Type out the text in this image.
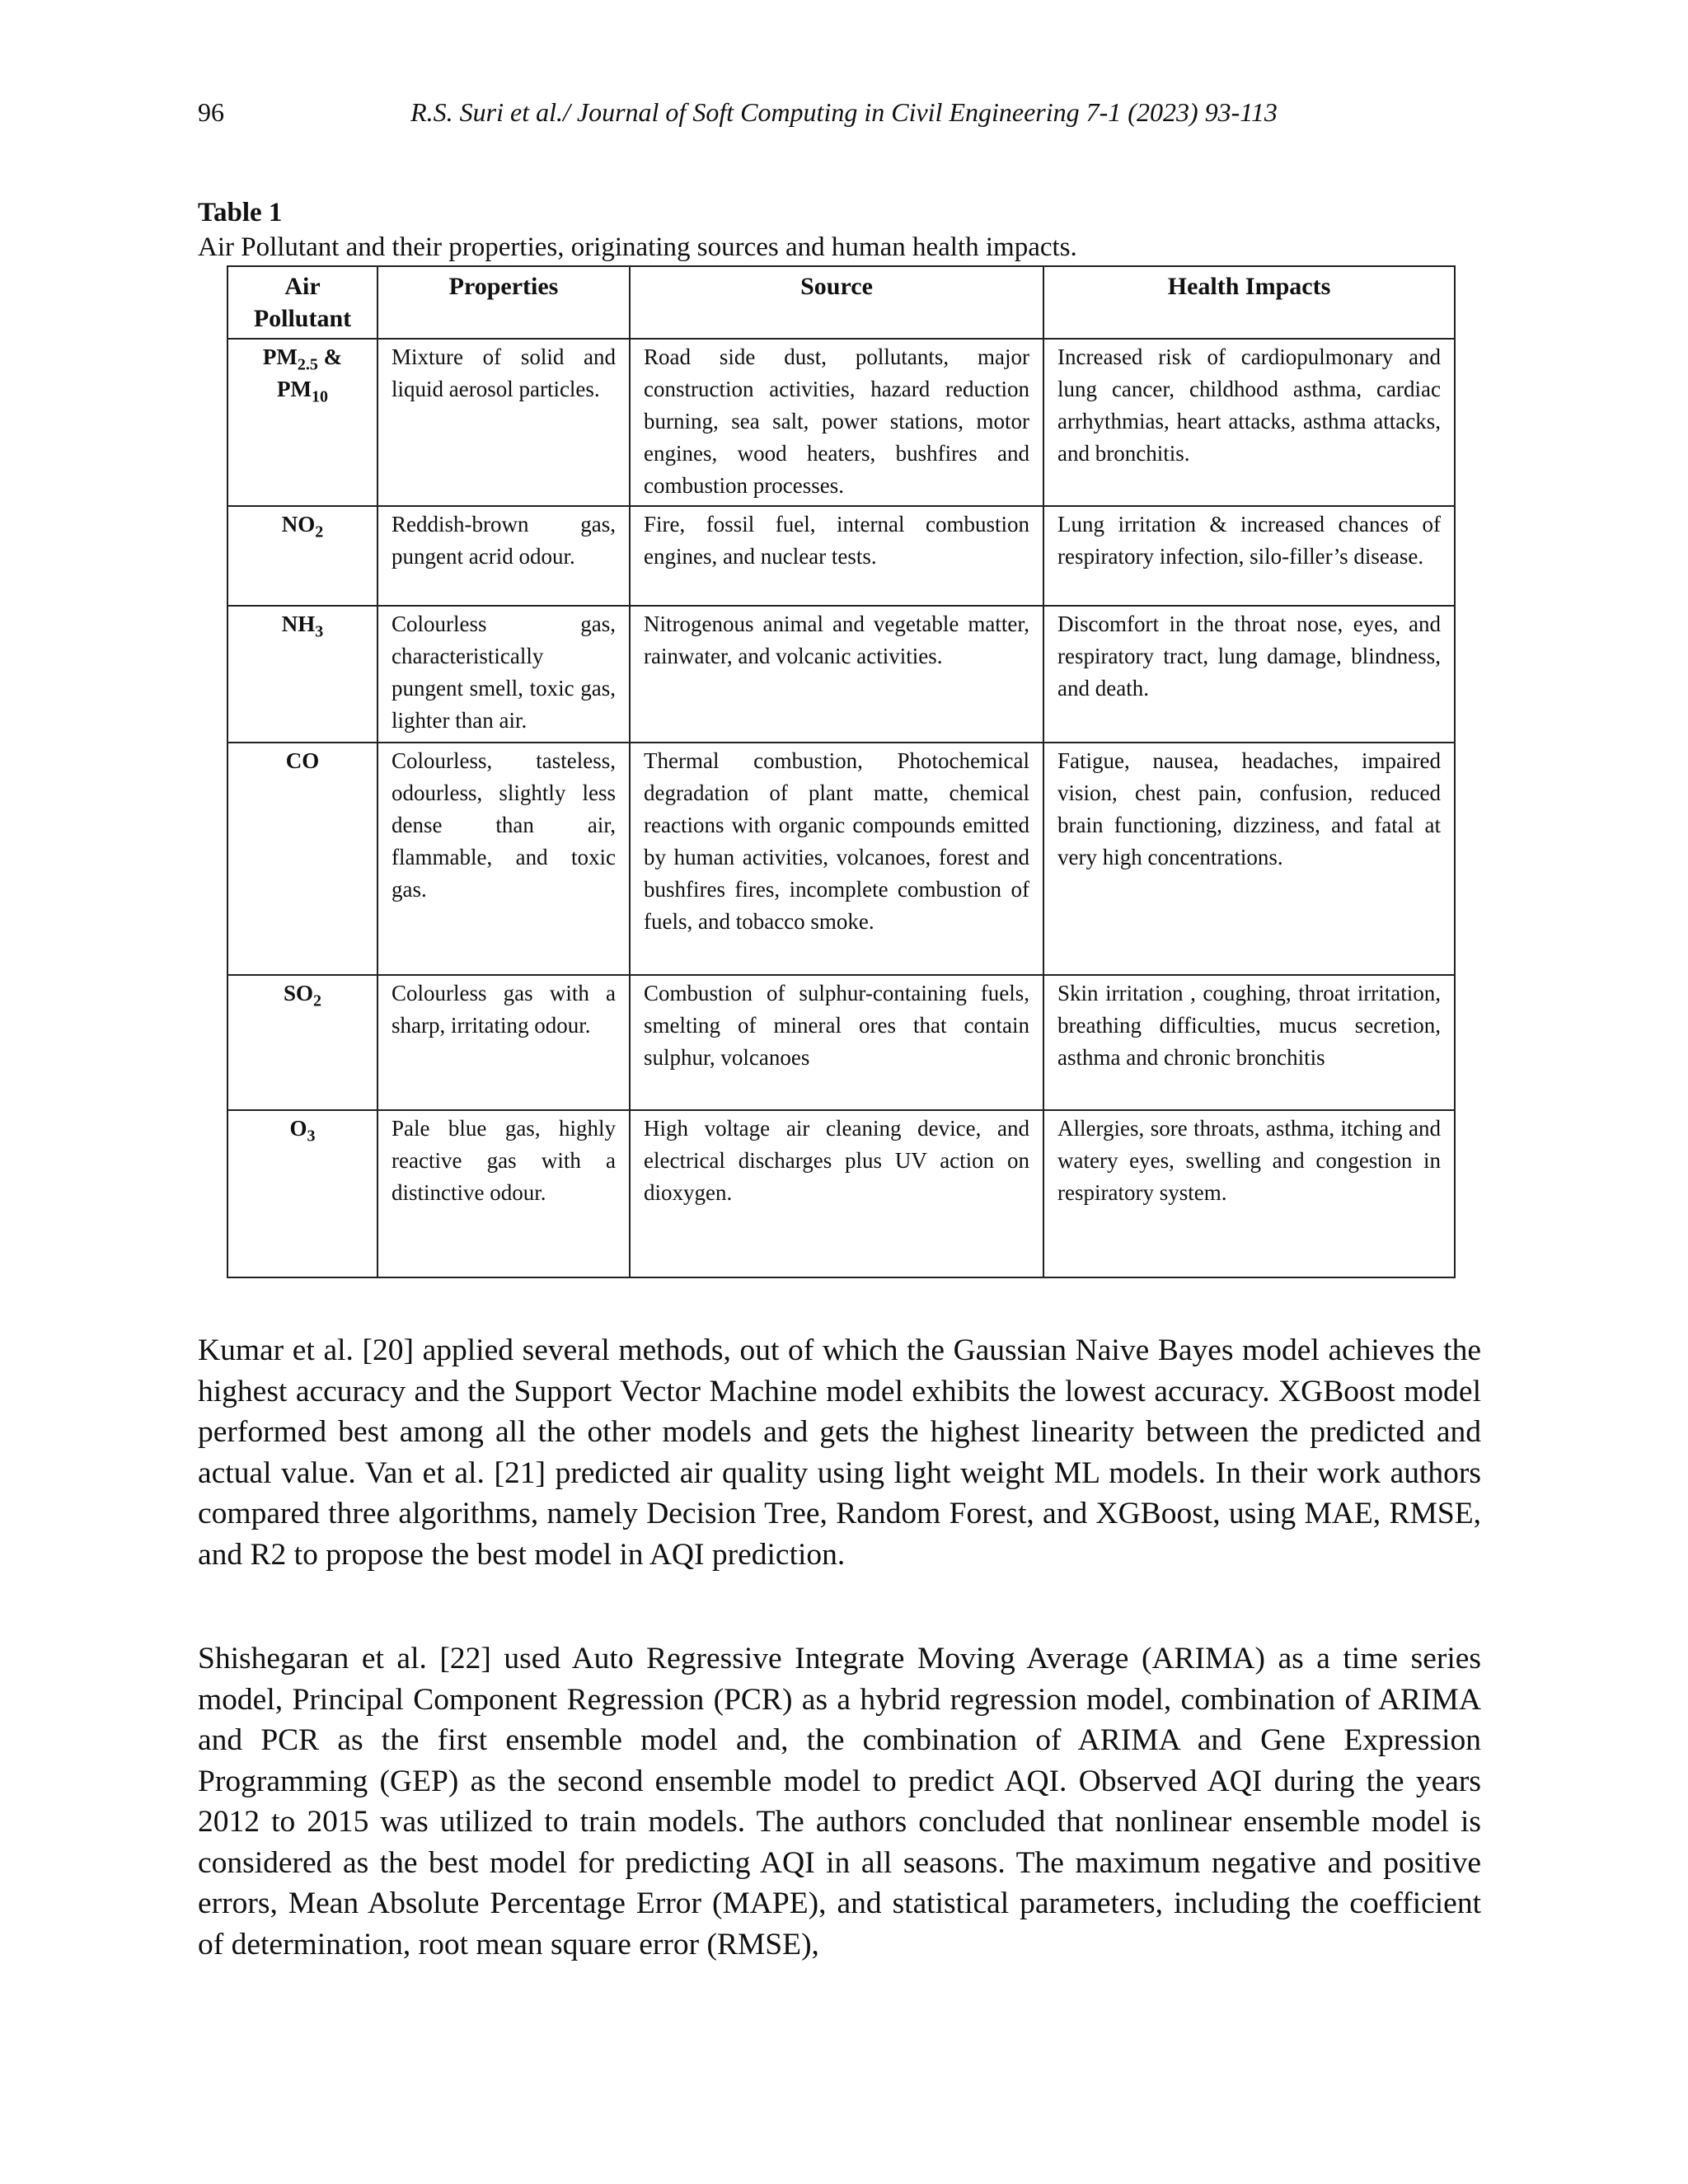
96	R.S. Suri et al./ Journal of Soft Computing in Civil Engineering 7-1 (2023) 93-113
Table 1
Air Pollutant and their properties, originating sources and human health impacts.
Air Pollutant	Properties	Source	Health Impacts
$PM_{2.5}$ & $PM_{10}$	Mixture of solid and liquid aerosol particles.	Road side dust, pollutants, major construction activities, hazard reduction burning, sea salt, power stations, motor engines, wood heaters, bushfires and combustion processes.	Increased risk of cardiopulmonary and lung cancer, childhood asthma, cardiac arrhythmias, heart attacks, asthma attacks, and bronchitis.
$NO_2$	Reddish-brown gas, pungent acrid odour.	Fire, fossil fuel, internal combustion engines, and nuclear tests.	Lung irritation & increased chances of respiratory infection, silo-filler’s disease.
$NH_3$	Colourless gas, characteristically pungent smell, toxic gas, lighter than air.	Nitrogenous animal and vegetable matter, rainwater, and volcanic activities.	Discomfort in the throat nose, eyes, and respiratory tract, lung damage, blindness, and death.
CO	Colourless, tasteless, odourless, slightly less dense than air, flammable, and toxic gas.	Thermal combustion, Photochemical degradation of plant matte, chemical reactions with organic compounds emitted by human activities, volcanoes, forest and bushfires fires, incomplete combustion of fuels, and tobacco smoke.	Fatigue, nausea, headaches, impaired vision, chest pain, confusion, reduced brain functioning, dizziness, and fatal at very high concentrations.
$SO_2$	Colourless gas with a sharp, irritating odour.	Combustion of sulphur-containing fuels, smelting of mineral ores that contain sulphur, volcanoes	Skin irritation , coughing, throat irritation, breathing difficulties, mucus secretion, asthma and chronic bronchitis
$O_3$	Pale blue gas, highly reactive gas with a distinctive odour.	High voltage air cleaning device, and electrical discharges plus UV action on dioxygen.	Allergies, sore throats, asthma, itching and watery eyes, swelling and congestion in respiratory system.

Kumar et al. [20] applied several methods, out of which the Gaussian Naive Bayes model achieves the highest accuracy and the Support Vector Machine model exhibits the lowest accuracy. XGBoost model performed best among all the other models and gets the highest linearity between the predicted and actual value. Van et al. [21] predicted air quality using light weight ML models. In their work authors compared three algorithms, namely Decision Tree, Random Forest, and XGBoost, using MAE, RMSE, and R2 to propose the best model in AQI prediction.

Shishegaran et al. [22] used Auto Regressive Integrate Moving Average (ARIMA) as a time series model, Principal Component Regression (PCR) as a hybrid regression model, combination of ARIMA and PCR as the first ensemble model and, the combination of ARIMA and Gene Expression Programming (GEP) as the second ensemble model to predict AQI. Observed AQI during the years 2012 to 2015 was utilized to train models. The authors concluded that nonlinear ensemble model is considered as the best model for predicting AQI in all seasons. The maximum negative and positive errors, Mean Absolute Percentage Error (MAPE), and statistical parameters, including the coefficient of determination, root mean square error (RMSE),
